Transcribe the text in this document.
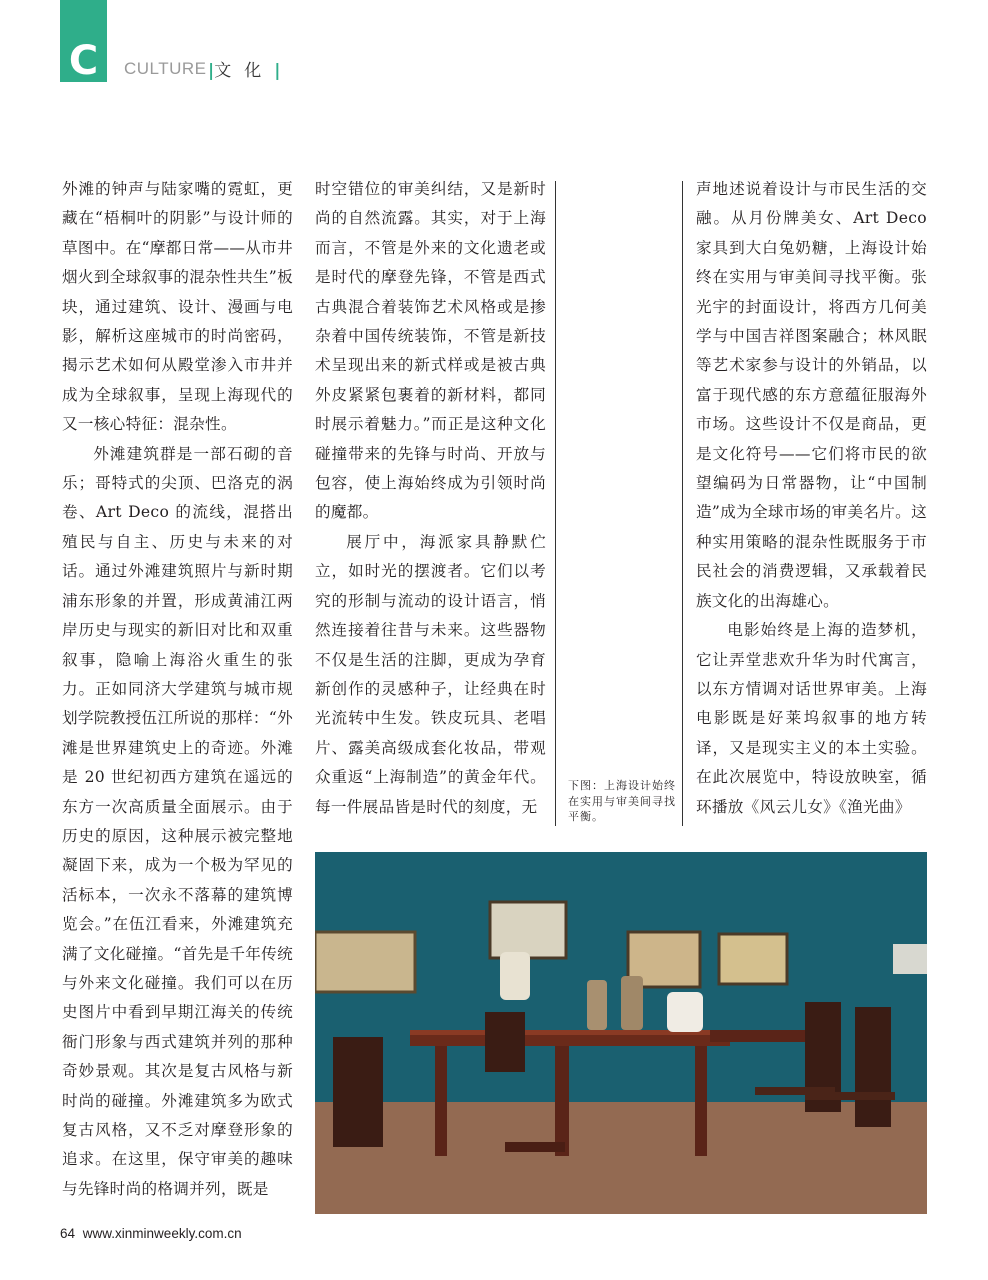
C	CULTURE |文化|

外滩的钟声与陆家嘴的霓虹，更藏在“梧桐叶的阴影”与设计师的草图中。在“摩都日常——从市井烟火到全球叙事的混杂性共生”板块，通过建筑、设计、漫画与电影，解析这座城市的时尚密码，揭示艺术如何从殿堂渗入市井并成为全球叙事，呈现上海现代的又一核心特征：混杂性。

外滩建筑群是一部石砌的音乐；哥特式的尖顶、巴洛克的涡卷、Art Deco 的流线，混搭出殖民与自主、历史与未来的对话。通过外滩建筑照片与新时期浦东形象的并置，形成黄浦江两岸历史与现实的新旧对比和双重叙事，隐喻上海浴火重生的张力。正如同济大学建筑与城市规划学院教授伍江所说的那样：“外滩是世界建筑史上的奇迹。外滩是 20 世纪初西方建筑在遥远的东方一次高质量全面展示。由于历史的原因，这种展示被完整地凝固下来，成为一个极为罕见的活标本，一次永不落幕的建筑博览会。”在伍江看来，外滩建筑充满了文化碰撞。“首先是千年传统与外来文化碰撞。我们可以在历史图片中看到早期江海关的传统衙门形象与西式建筑并列的那种奇妙景观。其次是复古风格与新时尚的碰撞。外滩建筑多为欧式复古风格，又不乏对摩登形象的追求。在这里，保守审美的趣味与先锋时尚的格调并列，既是

时空错位的审美纠结，又是新时尚的自然流露。其实，对于上海而言，不管是外来的文化遗老或是时代的摩登先锋，不管是西式古典混合着装饰艺术风格或是掺杂着中国传统装饰，不管是新技术呈现出来的新式样或是被古典外皮紧紧包裹着的新材料，都同时展示着魅力。”而正是这种文化碰撞带来的先锋与时尚、开放与包容，使上海始终成为引领时尚的魔都。

展厅中，海派家具静默伫立，如时光的摆渡者。它们以考究的形制与流动的设计语言，悄然连接着往昔与未来。这些器物不仅是生活的注脚，更成为孕育新创作的灵感种子，让经典在时光流转中生发。铁皮玩具、老唱片、露美高级成套化妆品，带观众重返“上海制造”的黄金年代。每一件展品皆是时代的刻度，无

下图：上海设计始终在实用与审美间寻找平衡。

声地述说着设计与市民生活的交融。从月份牌美女、Art Deco 家具到大白兔奶糖，上海设计始终在实用与审美间寻找平衡。张光宇的封面设计，将西方几何美学与中国吉祥图案融合；林风眠等艺术家参与设计的外销品，以富于现代感的东方意蕴征服海外市场。这些设计不仅是商品，更是文化符号——它们将市民的欲望编码为日常器物，让“中国制造”成为全球市场的审美名片。这种实用策略的混杂性既服务于市民社会的消费逻辑，又承载着民族文化的出海雄心。

电影始终是上海的造梦机，它让弄堂悲欢升华为时代寓言，以东方情调对话世界审美。上海电影既是好莱坞叙事的地方转译，又是现实主义的本土实验。在此次展览中，特设放映室，循环播放《风云儿女》《渔光曲》

64 www.xinminweekly.com.cn
